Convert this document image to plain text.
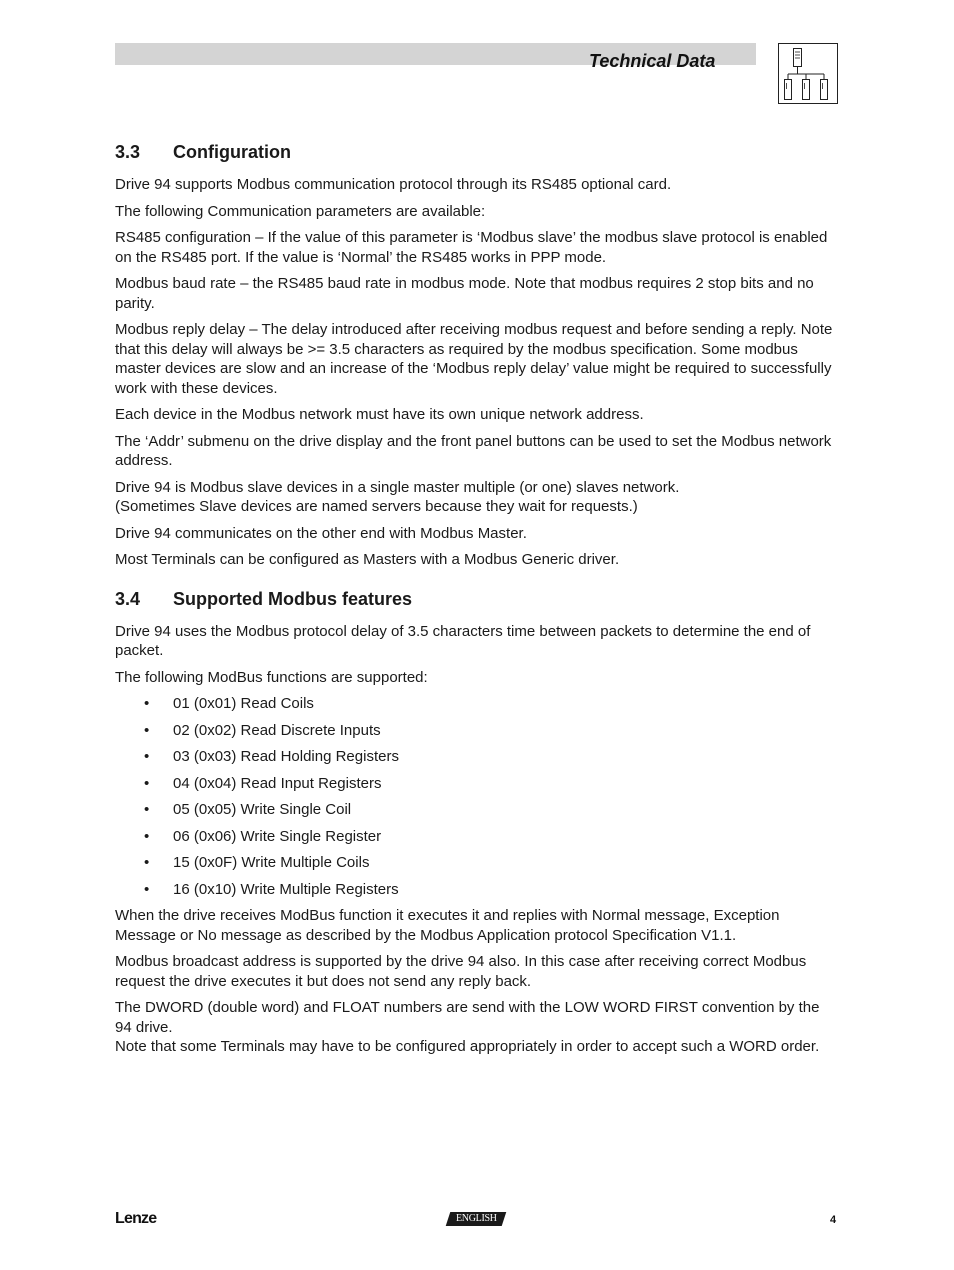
Technical Data
3.3	Configuration

Drive 94 supports Modbus communication protocol through its RS485 optional card.

The following Communication parameters are available:

RS485 configuration – If the value of this parameter is ‘Modbus slave’ the modbus slave protocol is enabled on the RS485 port. If the value is ‘Normal’ the RS485 works in PPP mode.

Modbus baud rate – the RS485 baud rate in modbus mode. Note that modbus requires 2 stop bits and no parity.

Modbus reply delay – The delay introduced after receiving modbus request and before sending a reply. Note that this delay will always be >= 3.5 characters as required by the modbus specification. Some modbus master devices are slow and an increase of the ‘Modbus reply delay’ value might be required to successfully work with these devices.

Each device in the Modbus network must have its own unique network address.

The ‘Addr’ submenu on the drive display and the front panel buttons can be used to set the Modbus network address.

Drive 94 is Modbus slave devices in a single master multiple (or one) slaves network.

(Sometimes Slave devices are named servers because they wait for requests.)

Drive 94 communicates on the other end with Modbus Master.

Most Terminals can be configured as Masters with a Modbus Generic driver.

3.4	Supported Modbus features

Drive 94 uses the Modbus protocol delay of 3.5 characters time between packets to determine the end of packet.

The following ModBus functions are supported:

• 01 (0x01) Read Coils
• 02 (0x02) Read Discrete Inputs
• 03 (0x03) Read Holding Registers
• 04 (0x04) Read Input Registers
• 05 (0x05) Write Single Coil
• 06 (0x06) Write Single Register
• 15 (0x0F) Write Multiple Coils
• 16 (0x10) Write Multiple Registers

When the drive receives ModBus function it executes it and replies with Normal message, Exception Message or No message as described by the Modbus Application protocol Specification V1.1.

Modbus broadcast address is supported by the drive 94 also. In this case after receiving correct Modbus request the drive executes it but does not send any reply back.

The DWORD (double word) and FLOAT numbers are send with the LOW WORD FIRST convention by the 94 drive.

Note that some Terminals may have to be configured appropriately in order to accept such a WORD order.

Lenze	ENGLISH	4
